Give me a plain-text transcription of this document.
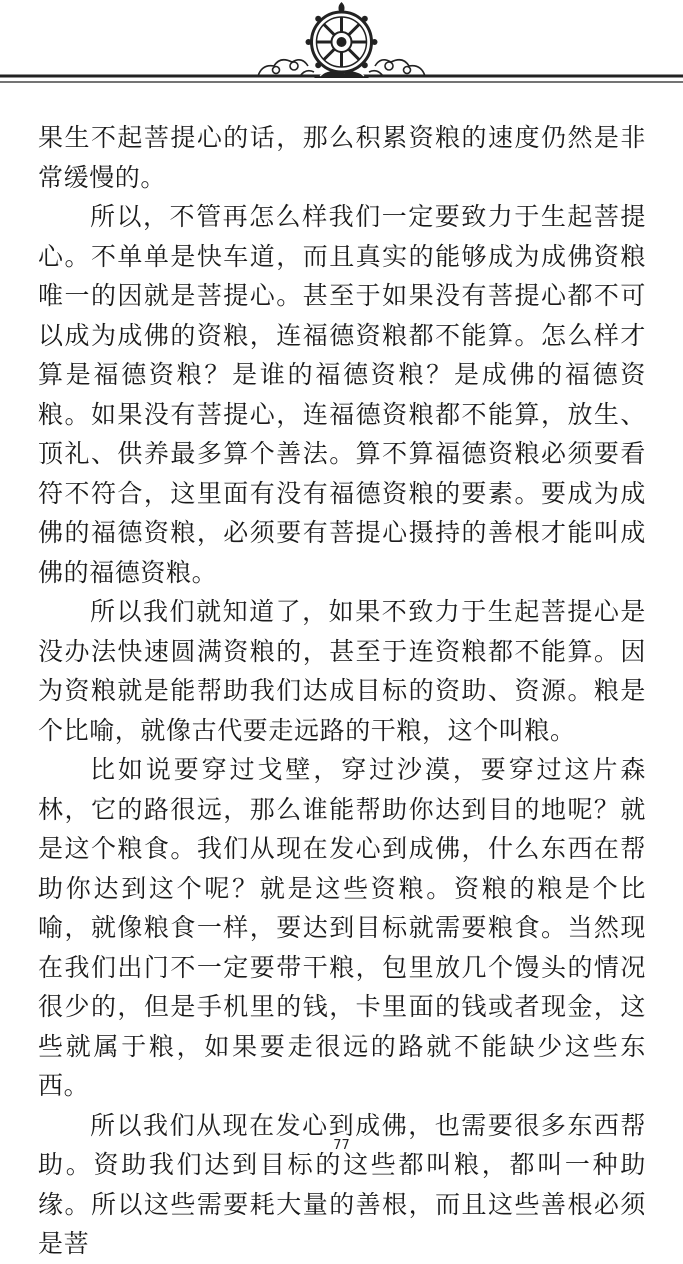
果生不起菩提心的话，那么积累资粮的速度仍然是非常缓慢的。

所以，不管再怎么样我们一定要致力于生起菩提心。不单单是快车道，而且真实的能够成为成佛资粮唯一的因就是菩提心。甚至于如果没有菩提心都不可以成为成佛的资粮，连福德资粮都不能算。怎么样才算是福德资粮？是谁的福德资粮？是成佛的福德资粮。如果没有菩提心，连福德资粮都不能算，放生、顶礼、供养最多算个善法。算不算福德资粮必须要看符不符合，这里面有没有福德资粮的要素。要成为成佛的福德资粮，必须要有菩提心摄持的善根才能叫成佛的福德资粮。

所以我们就知道了，如果不致力于生起菩提心是没办法快速圆满资粮的，甚至于连资粮都不能算。因为资粮就是能帮助我们达成目标的资助、资源。粮是个比喻，就像古代要走远路的干粮，这个叫粮。

比如说要穿过戈壁，穿过沙漠，要穿过这片森林，它的路很远，那么谁能帮助你达到目的地呢？就是这个粮食。我们从现在发心到成佛，什么东西在帮助你达到这个呢？就是这些资粮。资粮的粮是个比喻，就像粮食一样，要达到目标就需要粮食。当然现在我们出门不一定要带干粮，包里放几个馒头的情况很少的，但是手机里的钱，卡里面的钱或者现金，这些就属于粮，如果要走很远的路就不能缺少这些东西。

所以我们从现在发心到成佛，也需要很多东西帮助。资助我们达到目标的这些都叫粮，都叫一种助缘。所以这些需要耗大量的善根，而且这些善根必须是菩

77
